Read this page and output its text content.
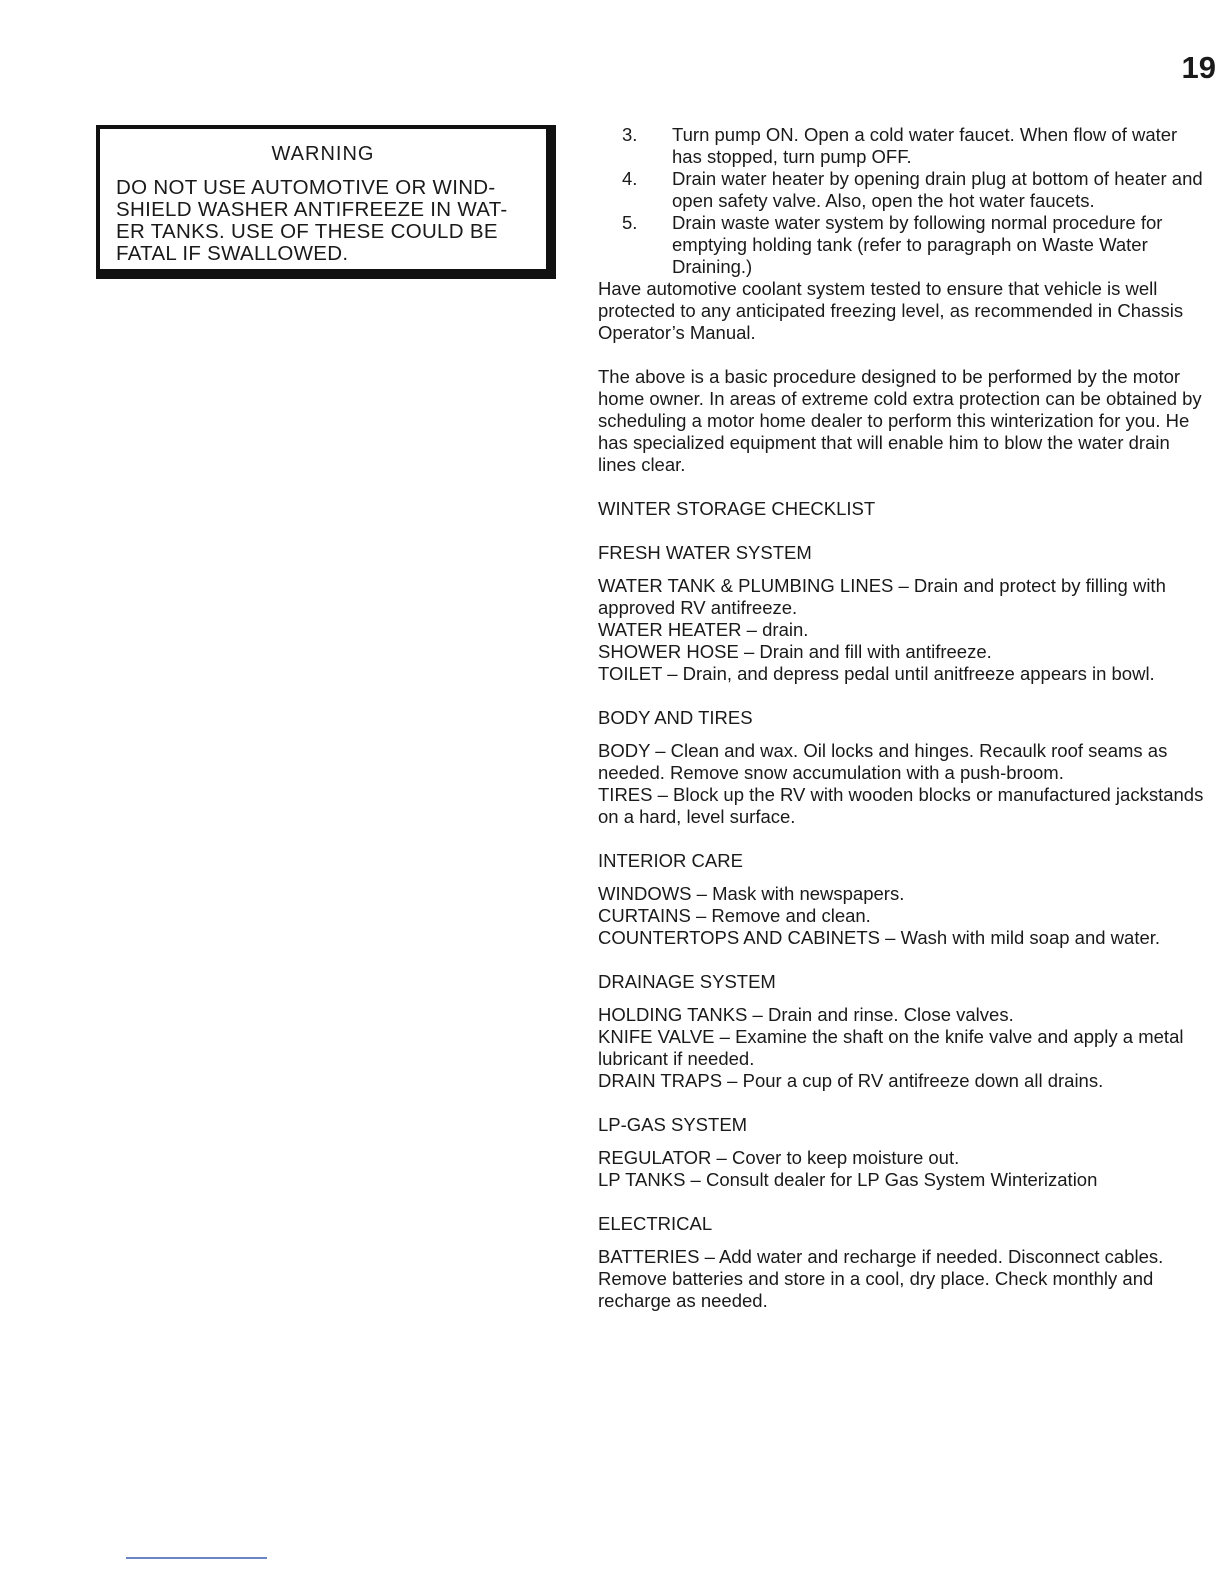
19
WARNING
DO NOT USE AUTOMOTIVE OR WIND-
SHIELD WASHER ANTIFREEZE IN WAT-
ER TANKS. USE OF THESE COULD BE
FATAL IF SWALLOWED.
3. Turn pump ON. Open a cold water faucet. When flow of water has stopped, turn pump OFF.
4. Drain water heater by opening drain plug at bottom of heater and open safety valve. Also, open the hot water faucets.
5. Drain waste water system by following normal procedure for emptying holding tank (refer to paragraph on Waste Water Draining.)

Have automotive coolant system tested to ensure that vehicle is well protected to any anticipated freezing level, as recommended in Chassis Operator’s Manual.

The above is a basic procedure designed to be performed by the motor home owner. In areas of extreme cold extra protection can be obtained by scheduling a motor home dealer to perform this winterization for you. He has specialized equipment that will enable him to blow the water drain lines clear.

WINTER STORAGE CHECKLIST
FRESH WATER SYSTEM
WATER TANK & PLUMBING LINES – Drain and protect by filling with approved RV antifreeze.
WATER HEATER – drain.
SHOWER HOSE – Drain and fill with antifreeze.
TOILET – Drain, and depress pedal until anitfreeze appears in bowl.
BODY AND TIRES
BODY – Clean and wax. Oil locks and hinges. Recaulk roof seams as needed. Remove snow accumulation with a push-broom.
TIRES – Block up the RV with wooden blocks or manufactured jackstands on a hard, level surface.
INTERIOR CARE
WINDOWS – Mask with newspapers.
CURTAINS – Remove and clean.
COUNTERTOPS AND CABINETS – Wash with mild soap and water.
DRAINAGE SYSTEM
HOLDING TANKS – Drain and rinse. Close valves.
KNIFE VALVE – Examine the shaft on the knife valve and apply a metal lubricant if needed.
DRAIN TRAPS – Pour a cup of RV antifreeze down all drains.
LP-GAS SYSTEM
REGULATOR – Cover to keep moisture out.
LP TANKS – Consult dealer for LP Gas System Winterization
ELECTRICAL
BATTERIES – Add water and recharge if needed. Disconnect cables. Remove batteries and store in a cool, dry place. Check monthly and recharge as needed.
